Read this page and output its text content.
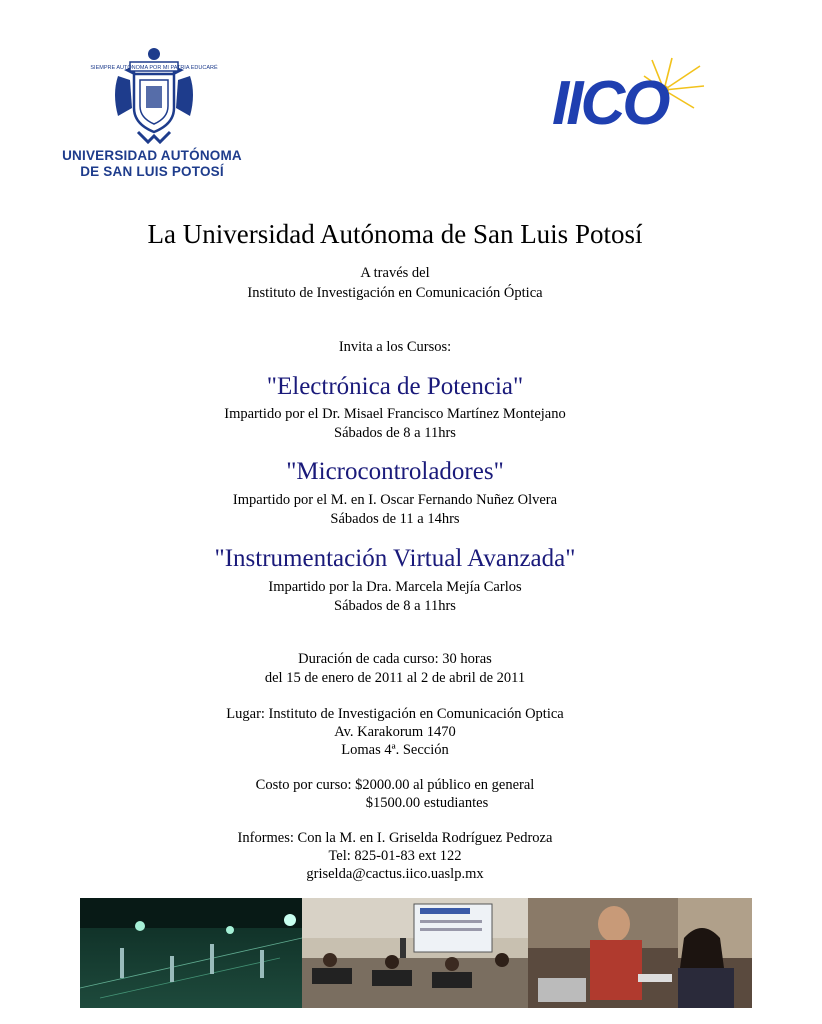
SIEMPRE AUTÓNOMA POR MI PATRIA EDUCARÉ
UNIVERSIDAD AUTÓNOMA
DE SAN LUIS POTOSÍ
IICO
La Universidad Autónoma de San Luis Potosí
A través del
Instituto de Investigación en Comunicación Óptica
Invita a los Cursos:
"Electrónica de Potencia"
Impartido por el Dr. Misael Francisco Martínez Montejano
Sábados de 8 a 11hrs
"Microcontroladores"
Impartido por el M. en I. Oscar Fernando Nuñez Olvera
Sábados de 11 a 14hrs
"Instrumentación Virtual Avanzada"
Impartido por la Dra. Marcela Mejía Carlos
Sábados de 8 a 11hrs
Duración de cada curso: 30 horas
del 15 de enero de 2011 al 2 de abril de 2011
Lugar: Instituto de Investigación en Comunicación Optica
Av. Karakorum 1470
Lomas 4ª. Sección
Costo por curso: $2000.00 al público en general
$1500.00 estudiantes
Informes: Con la M. en I. Griselda Rodríguez Pedroza
Tel: 825-01-83 ext 122
griselda@cactus.iico.uaslp.mx
